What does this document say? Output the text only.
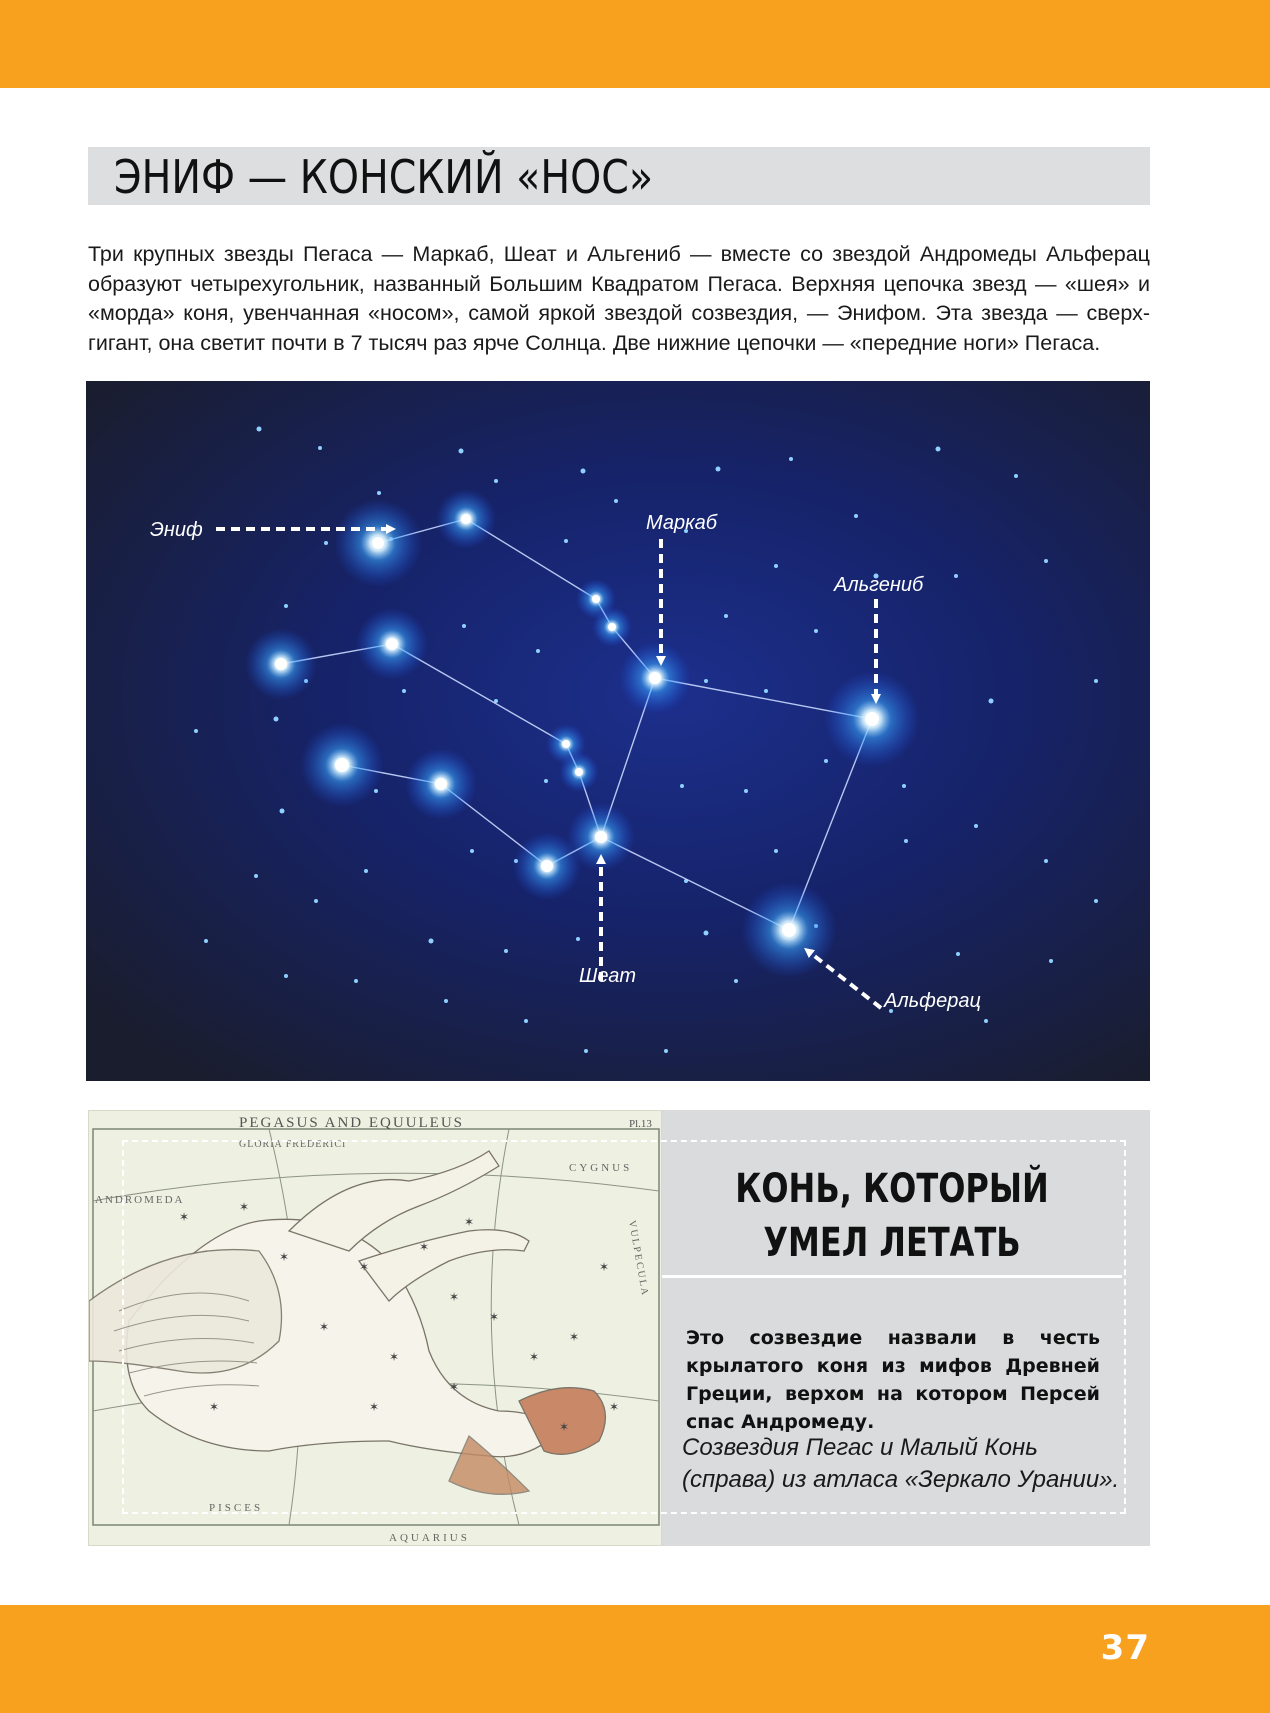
ЭНИФ — КОНСКИЙ «НОС»

Три крупных звезды Пегаса — Маркаб, Шеат и Альгениб — вместе со звездой Андромеды Альферац образуют четырехугольник, названный Большим Квадратом Пегаса. Верхняя цепочка звезд — «шея» и «морда» коня, увенчанная «носом», самой яркой звездой созвездия, — Энифом. Эта звезда — сверхгигант, она светит почти в 7 тысяч раз ярче Солнца. Две нижние цепочки — «передние ноги» Пегаса.

Эниф	Маркаб
Альгениб
Шеат
Альферац
✶
✶
✶
✶
✶
✶
✶
✶
✶
✶
✶
✶
✶
✶
✶
✶
✶
✶
PEGASUS AND EQUULEUS	Pl.13
CYGNUS
ANDROMEDA
AQUARIUS
PISCES
GLORIA FREDERICI
VULPECULA
КОНЬ, КОТОРЫЙ УМЕЛ ЛЕТАТЬ

Это созвездие назвали в честь крылатого коня из мифов Древней Греции, верхом на котором Персей спас Андромеду.

Созвездия Пегас и Малый Конь (справа) из атласа «Зеркало Урании».

37
